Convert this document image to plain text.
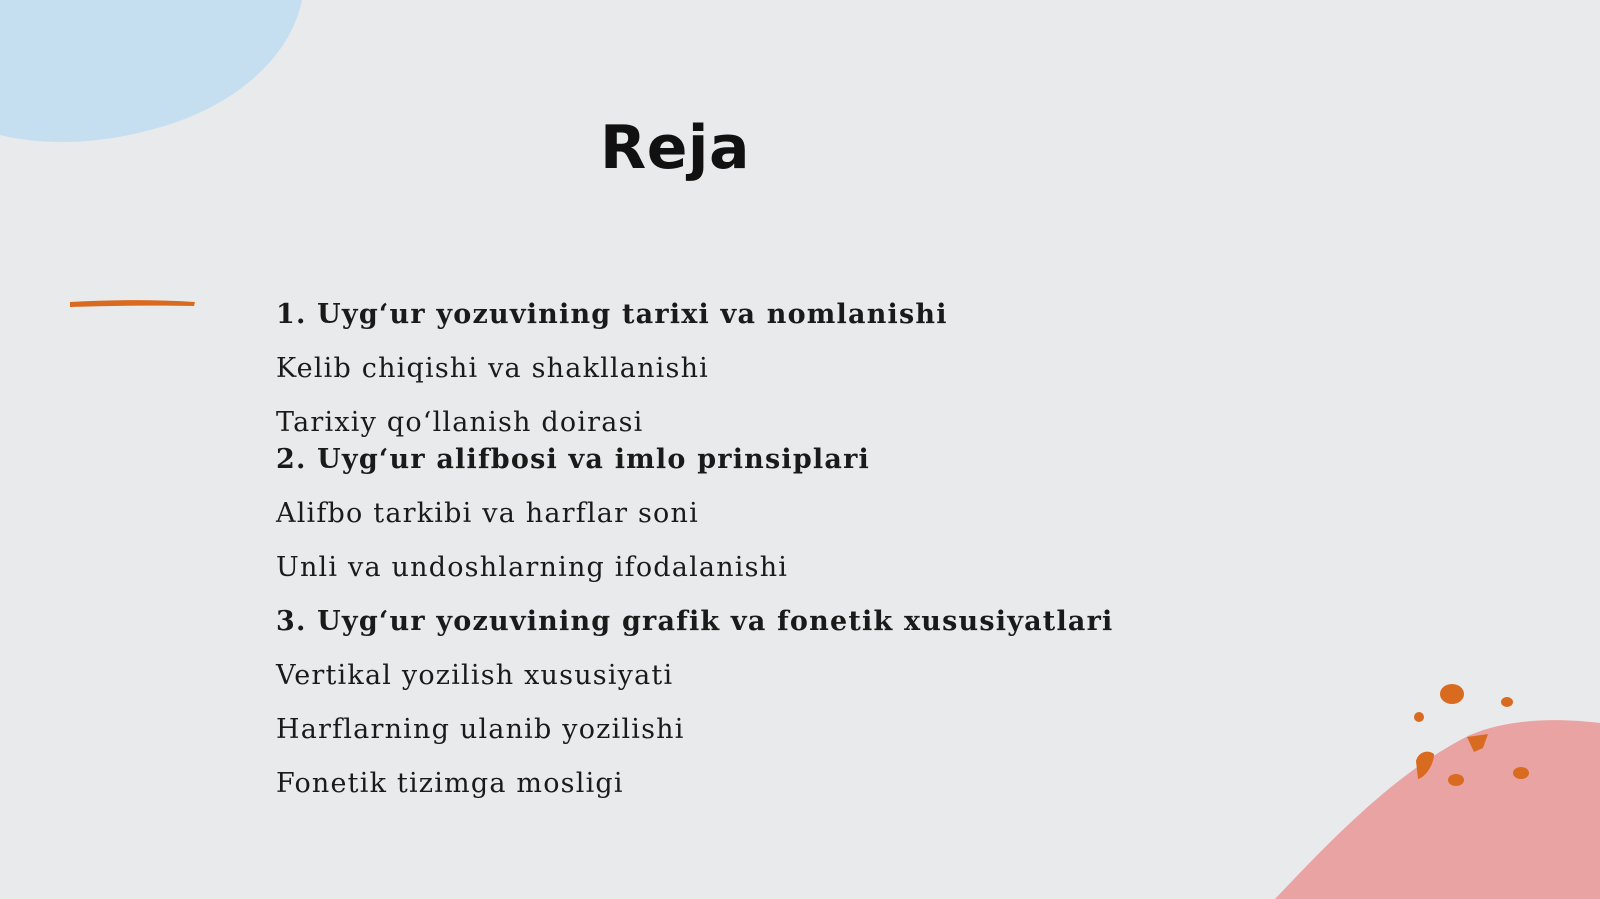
Reja
1. Uyg‘ur yozuvining tarixi va nomlanishi
Kelib chiqishi va shakllanishi
Tarixiy qo‘llanish doirasi
2. Uyg‘ur alifbosi va imlo prinsiplari
Alifbo tarkibi va harflar soni
Unli va undoshlarning ifodalanishi
3. Uyg‘ur yozuvining grafik va fonetik xususiyatlari
Vertikal yozilish xususiyati
Harflarning ulanib yozilishi
Fonetik tizimga mosligi
